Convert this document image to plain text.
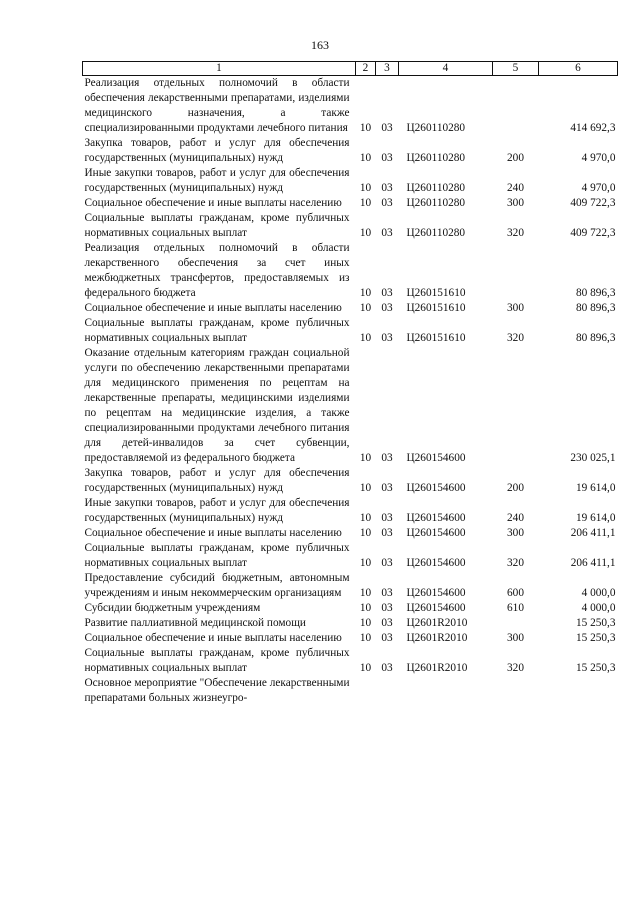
163
1	2	3	4	5	6
Реализация отдельных полномочий в области обеспечения лекарственными препаратами, изделиями медицинского назначения, а также специализированными продуктами лечебного питания	10	03	Ц260110280		414 692,3
Закупка товаров, работ и услуг для обеспечения государственных (муниципальных) нужд	10	03	Ц260110280	200	4 970,0
Иные закупки товаров, работ и услуг для обеспечения государственных (муниципальных) нужд	10	03	Ц260110280	240	4 970,0
Социальное обеспечение и иные выплаты населению	10	03	Ц260110280	300	409 722,3
Социальные выплаты гражданам, кроме публичных нормативных социальных выплат	10	03	Ц260110280	320	409 722,3
Реализация отдельных полномочий в области лекарственного обеспечения за счет иных межбюджетных трансфертов, предоставляемых из федерального бюджета	10	03	Ц260151610		80 896,3
Социальное обеспечение и иные выплаты населению	10	03	Ц260151610	300	80 896,3
Социальные выплаты гражданам, кроме публичных нормативных социальных выплат	10	03	Ц260151610	320	80 896,3
Оказание отдельным категориям граждан социальной услуги по обеспечению лекарственными препаратами для медицинского применения по рецептам на лекарственные препараты, медицинскими изделиями по рецептам на медицинские изделия, а также специализированными продуктами лечебного питания для детей-инвалидов за счет субвенции, предоставляемой из федерального бюджета	10	03	Ц260154600		230 025,1
Закупка товаров, работ и услуг для обеспечения государственных (муниципальных) нужд	10	03	Ц260154600	200	19 614,0
Иные закупки товаров, работ и услуг для обеспечения государственных (муниципальных) нужд	10	03	Ц260154600	240	19 614,0
Социальное обеспечение и иные выплаты населению	10	03	Ц260154600	300	206 411,1
Социальные выплаты гражданам, кроме публичных нормативных социальных выплат	10	03	Ц260154600	320	206 411,1
Предоставление субсидий бюджетным, автономным учреждениям и иным некоммерческим организациям	10	03	Ц260154600	600	4 000,0
Субсидии бюджетным учреждениям	10	03	Ц260154600	610	4 000,0
Развитие паллиативной медицинской помощи	10	03	Ц2601R2010		15 250,3
Социальное обеспечение и иные выплаты населению	10	03	Ц2601R2010	300	15 250,3
Социальные выплаты гражданам, кроме публичных нормативных социальных выплат	10	03	Ц2601R2010	320	15 250,3
Основное мероприятие "Обеспечение лекарственными препаратами больных жизнеугро-					
